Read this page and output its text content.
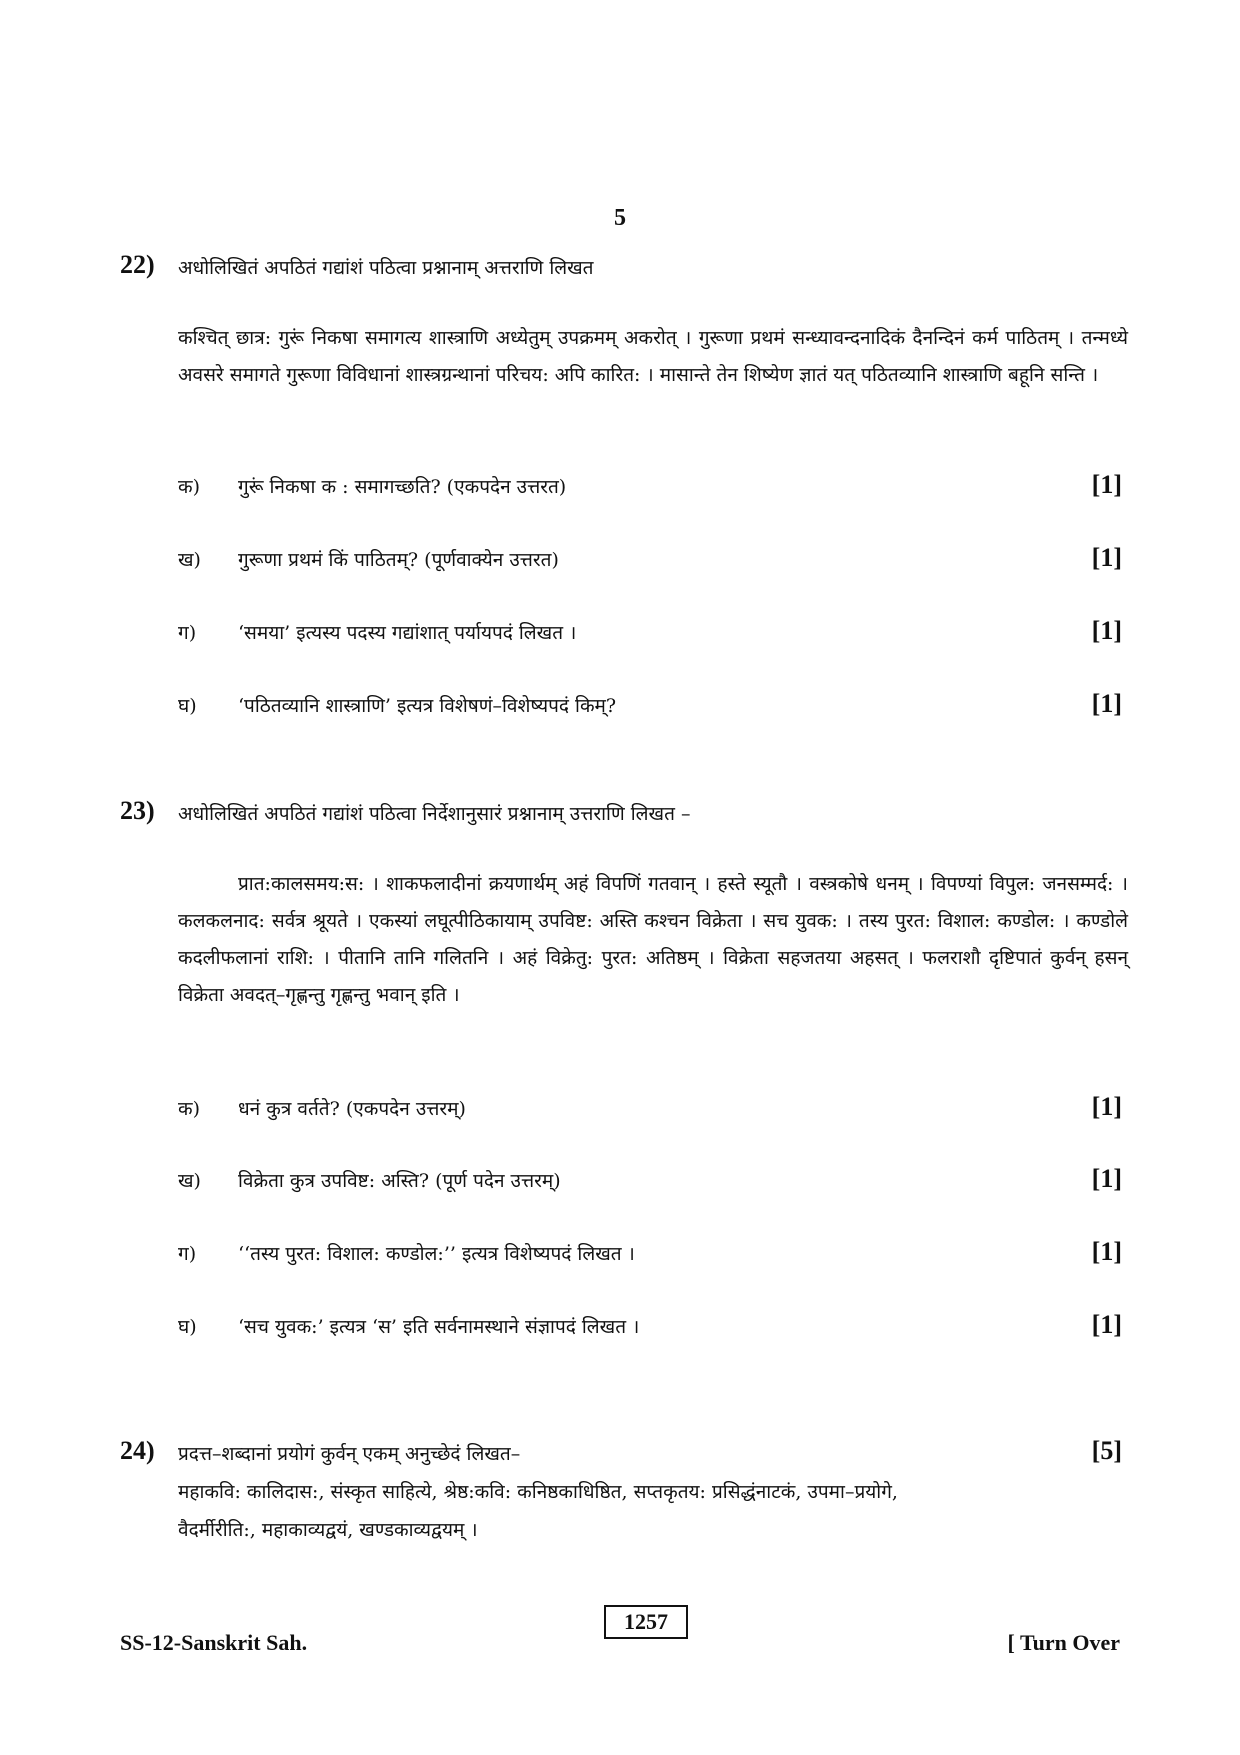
5
22) अधोलिखितं अपठितं गद्यांशं पठित्वा प्रश्नानाम् अत्तराणि लिखत
कश्चित् छात्र: गुरूं निकषा समागत्य शास्त्राणि अध्येतुम् उपक्रमम् अकरोत् । गुरूणा प्रथमं सन्ध्यावन्दनादिकं दैनन्दिनं कर्म पाठितम् । तन्मध्ये अवसरे समागते गुरूणा विविधानां शास्त्रग्रन्थानां परिचय: अपि कारित: । मासान्ते तेन शिष्येण ज्ञातं यत् पठितव्यानि शास्त्राणि बहूनि सन्ति ।
क) गुरूं निकषा क : समागच्छति? (एकपदेन उत्तरत)	[1]
ख) गुरूणा प्रथमं किं पाठितम्? (पूर्णवाक्येन उत्तरत)	[1]
ग) ‘समया’ इत्यस्य पदस्य गद्यांशात् पर्यायपदं लिखत ।	[1]
घ) ‘पठितव्यानि शास्त्राणि’ इत्यत्र विशेषणं–विशेष्यपदं किम्?	[1]
23) अधोलिखितं अपठितं गद्यांशं पठित्वा निर्देशानुसारं प्रश्नानाम् उत्तराणि लिखत –
प्रात:कालसमय:स: । शाकफलादीनां क्रयणार्थम् अहं विपणिं गतवान् । हस्ते स्यूतौ । वस्त्रकोषे धनम् । विपण्यां विपुल: जनसम्मर्द: । कलकलनाद: सर्वत्र श्रूयते । एकस्यां लघूत्पीठिकायाम् उपविष्ट: अस्ति कश्चन विक्रेता । सच युवक: । तस्य पुरत: विशाल: कण्डोल: । कण्डोले कदलीफलानां राशि: । पीतानि तानि गलितनि । अहं विक्रेतु: पुरत: अतिष्ठम् । विक्रेता सहजतया अहसत् । फलराशौ दृष्टिपातं कुर्वन् हसन् विक्रेता अवदत्–गृह्णन्तु गृह्णन्तु भवान् इति ।
क) धनं कुत्र वर्तते? (एकपदेन उत्तरम्)	[1]
ख) विक्रेता कुत्र उपविष्ट: अस्ति? (पूर्ण पदेन उत्तरम्)	[1]
ग) ‘‘तस्य पुरत: विशाल: कण्डोल:’’ इत्यत्र विशेष्यपदं लिखत ।	[1]
घ) ‘सच युवक:’ इत्यत्र ‘स’ इति सर्वनामस्थाने संज्ञापदं लिखत ।	[1]
24) प्रदत्त–शब्दानां प्रयोगं कुर्वन् एकम् अनुच्छेदं लिखत–	[5]
महाकवि: कालिदास:, संस्कृत साहित्ये, श्रेष्ठ:कवि: कनिष्ठकाधिष्ठित, सप्तकृतय: प्रसिद्धंनाटकं, उपमा–प्रयोगे,
वैदर्मीरीति:, महाकाव्यद्वयं, खण्डकाव्यद्वयम् ।
SS-12-Sanskrit Sah.
1257
[ Turn Over
